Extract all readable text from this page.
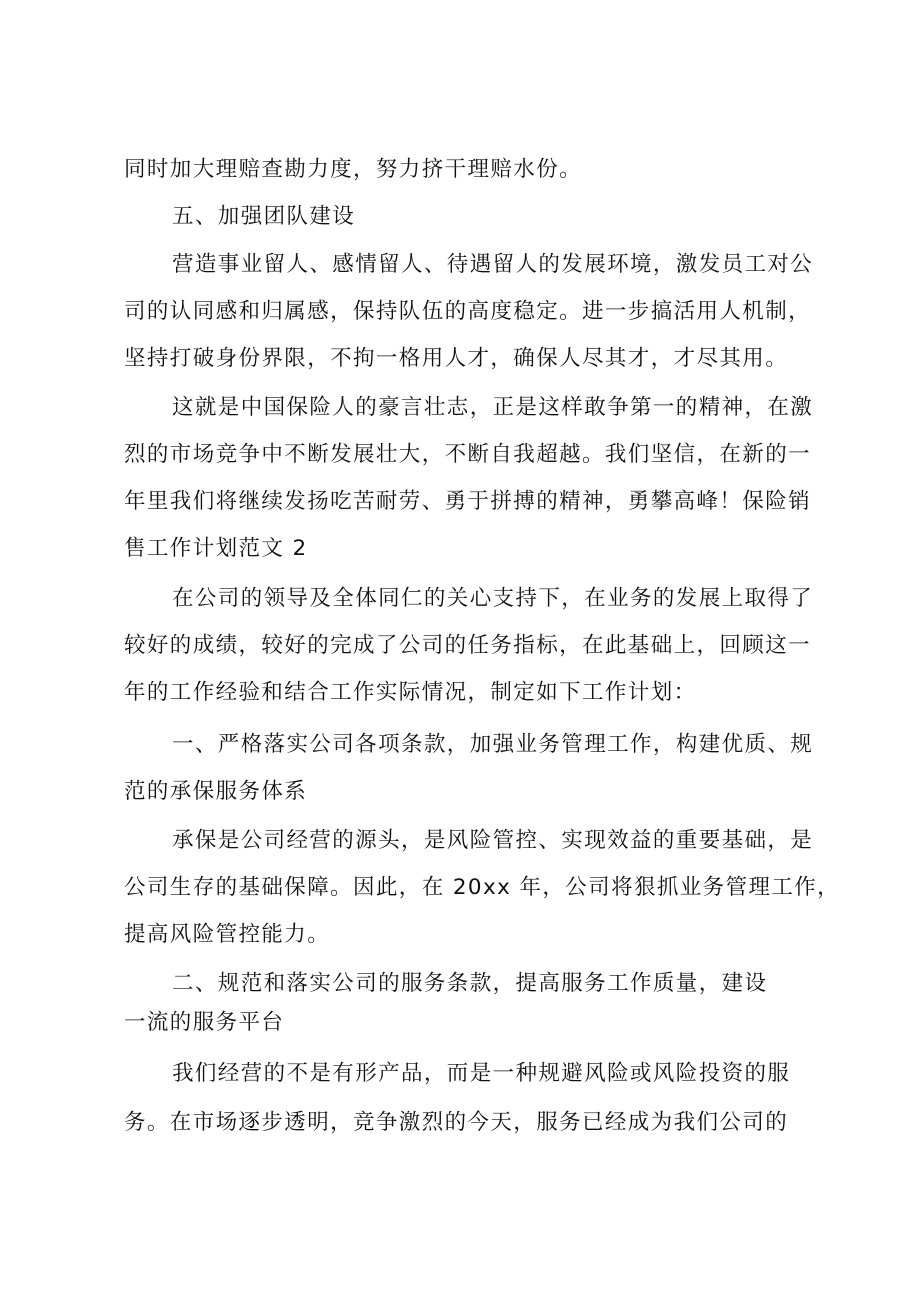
同时加大理赔查勘力度，努力挤干理赔水份。
五、加强团队建设
营造事业留人、感情留人、待遇留人的发展环境，激发员工对公
司的认同感和归属感，保持队伍的高度稳定。进一步搞活用人机制，
坚持打破身份界限，不拘一格用人才，确保人尽其才，才尽其用。
这就是中国保险人的豪言壮志，正是这样敢争第一的精神，在激
烈的市场竞争中不断发展壮大，不断自我超越。我们坚信，在新的一
年里我们将继续发扬吃苦耐劳、勇于拼搏的精神，勇攀高峰！保险销
售工作计划范文 2
在公司的领导及全体同仁的关心支持下，在业务的发展上取得了
较好的成绩，较好的完成了公司的任务指标，在此基础上，回顾这一
年的工作经验和结合工作实际情况，制定如下工作计划：
一、严格落实公司各项条款，加强业务管理工作，构建优质、规
范的承保服务体系
承保是公司经营的源头，是风险管控、实现效益的重要基础，是
公司生存的基础保障。因此，在 20xx 年，公司将狠抓业务管理工作，
提高风险管控能力。
二、规范和落实公司的服务条款，提高服务工作质量，建设
一流的服务平台
我们经营的不是有形产品，而是一种规避风险或风险投资的服
务。在市场逐步透明，竞争激烈的今天，服务已经成为我们公司的
